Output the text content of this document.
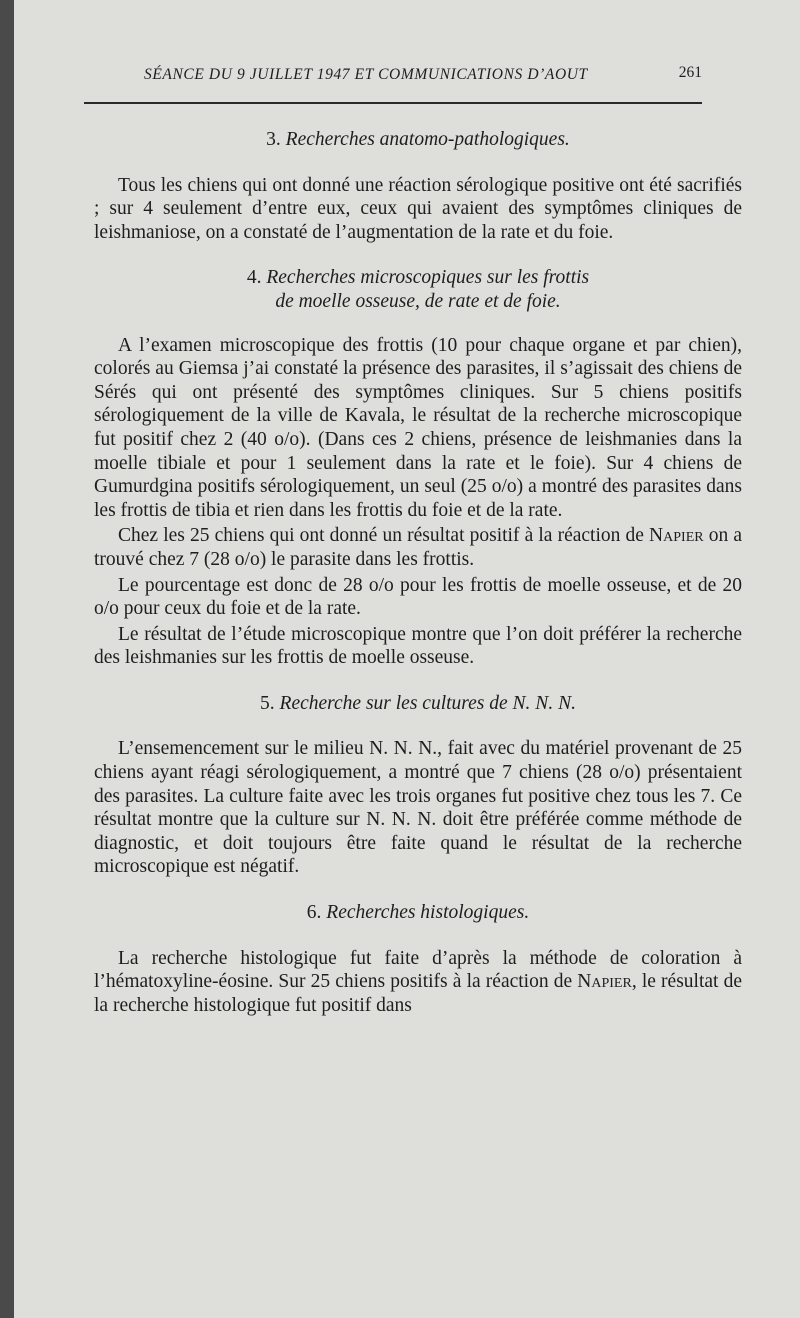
SÉANCE DU 9 JUILLET 1947 ET COMMUNICATIONS D’AOUT	261

3. Recherches anatomo-pathologiques.

Tous les chiens qui ont donné une réaction sérologique positive ont été sacrifiés ; sur 4 seulement d’entre eux, ceux qui avaient des symptômes cliniques de leishmaniose, on a constaté de l’augmentation de la rate et du foie.

4. Recherches microscopiques sur les frottis
de moelle osseuse, de rate et de foie.

A l’examen microscopique des frottis (10 pour chaque organe et par chien), colorés au Giemsa j’ai constaté la présence des parasites, il s’agissait des chiens de Sérés qui ont présenté des symptômes cliniques. Sur 5 chiens positifs sérologiquement de la ville de Kavala, le résultat de la recherche microscopique fut positif chez 2 (40 o/o). (Dans ces 2 chiens, présence de leishmanies dans la moelle tibiale et pour 1 seulement dans la rate et le foie). Sur 4 chiens de Gumurdgina positifs sérologiquement, un seul (25 o/o) a montré des parasites dans les frottis de tibia et rien dans les frottis du foie et de la rate.

Chez les 25 chiens qui ont donné un résultat positif à la réaction de Napier on a trouvé chez 7 (28 o/o) le parasite dans les frottis.

Le pourcentage est donc de 28 o/o pour les frottis de moelle osseuse, et de 20 o/o pour ceux du foie et de la rate.

Le résultat de l’étude microscopique montre que l’on doit préférer la recherche des leishmanies sur les frottis de moelle osseuse.

5. Recherche sur les cultures de N. N. N.

L’ensemencement sur le milieu N. N. N., fait avec du matériel provenant de 25 chiens ayant réagi sérologiquement, a montré que 7 chiens (28 o/o) présentaient des parasites. La culture faite avec les trois organes fut positive chez tous les 7. Ce résultat montre que la culture sur N. N. N. doit être préférée comme méthode de diagnostic, et doit toujours être faite quand le résultat de la recherche microscopique est négatif.

6. Recherches histologiques.

La recherche histologique fut faite d’après la méthode de coloration à l’hématoxyline-éosine. Sur 25 chiens positifs à la réaction de Napier, le résultat de la recherche histologique fut positif dans
